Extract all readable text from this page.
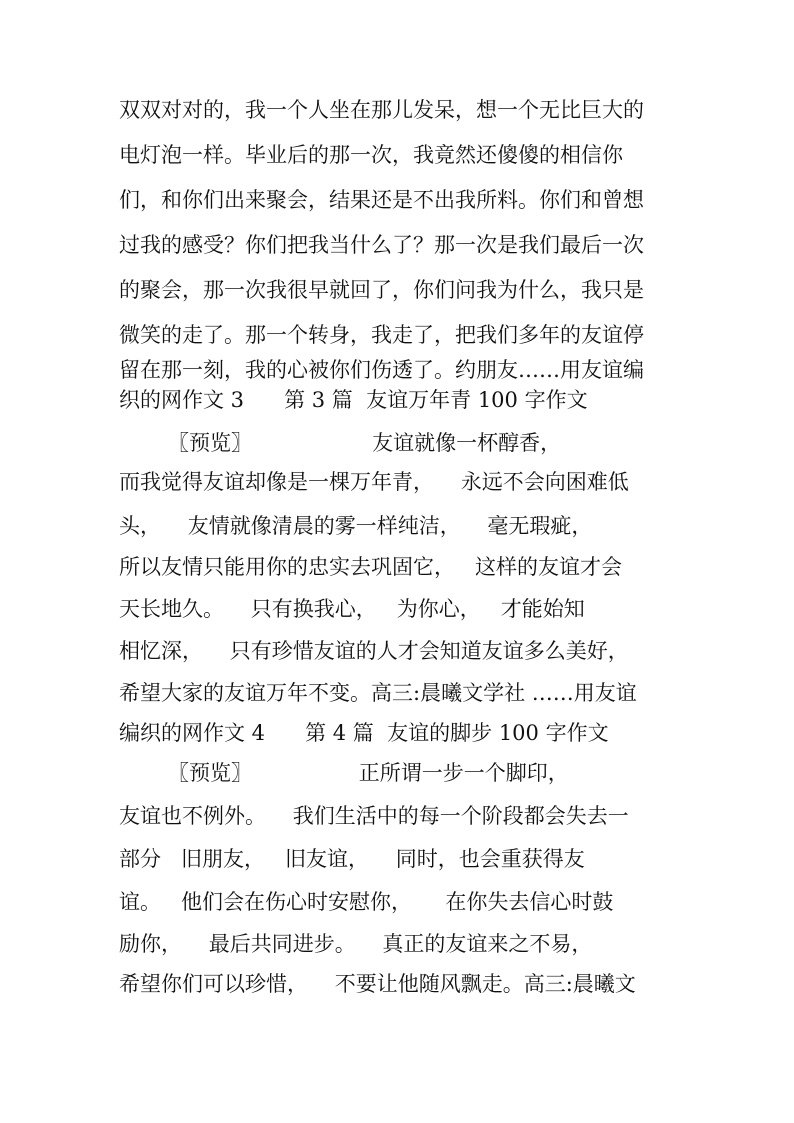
双双对对的，我一个人坐在那儿发呆，想一个无比巨大的
电灯泡一样。毕业后的那一次，我竟然还傻傻的相信你
们，和你们出来聚会，结果还是不出我所料。你们和曾想
过我的感受？你们把我当什么了？那一次是我们最后一次
的聚会，那一次我很早就回了，你们问我为什么，我只是
微笑的走了。那一个转身，我走了，把我们多年的友谊停
留在那一刻，我的心被你们伤透了。约朋友……用友谊编
织的网作文 3      第 3 篇  友谊万年青 100 字作文
〖预览〗                  友谊就像一杯醇香，
而我觉得友谊却像是一棵万年青，    永远不会向困难低
头，    友情就像清晨的雾一样纯洁，    毫无瑕疵，
所以友情只能用你的忠实去巩固它，   这样的友谊才会
天长地久。    只有换我心，   为你心，   才能始知
相忆深，    只有珍惜友谊的人才会知道友谊多么美好，
希望大家的友谊万年不变。高三:晨曦文学社 ……用友谊
编织的网作文 4      第 4 篇  友谊的脚步 100 字作文
〖预览〗                正所谓一步一个脚印，
友谊也不例外。    我们生活中的每一个阶段都会失去一
部分   旧朋友，   旧友谊，    同时，也会重获得友
谊。   他们会在伤心时安慰你，     在你失去信心时鼓
励你，    最后共同进步。    真正的友谊来之不易，
希望你们可以珍惜，    不要让他随风飘走。高三:晨曦文
